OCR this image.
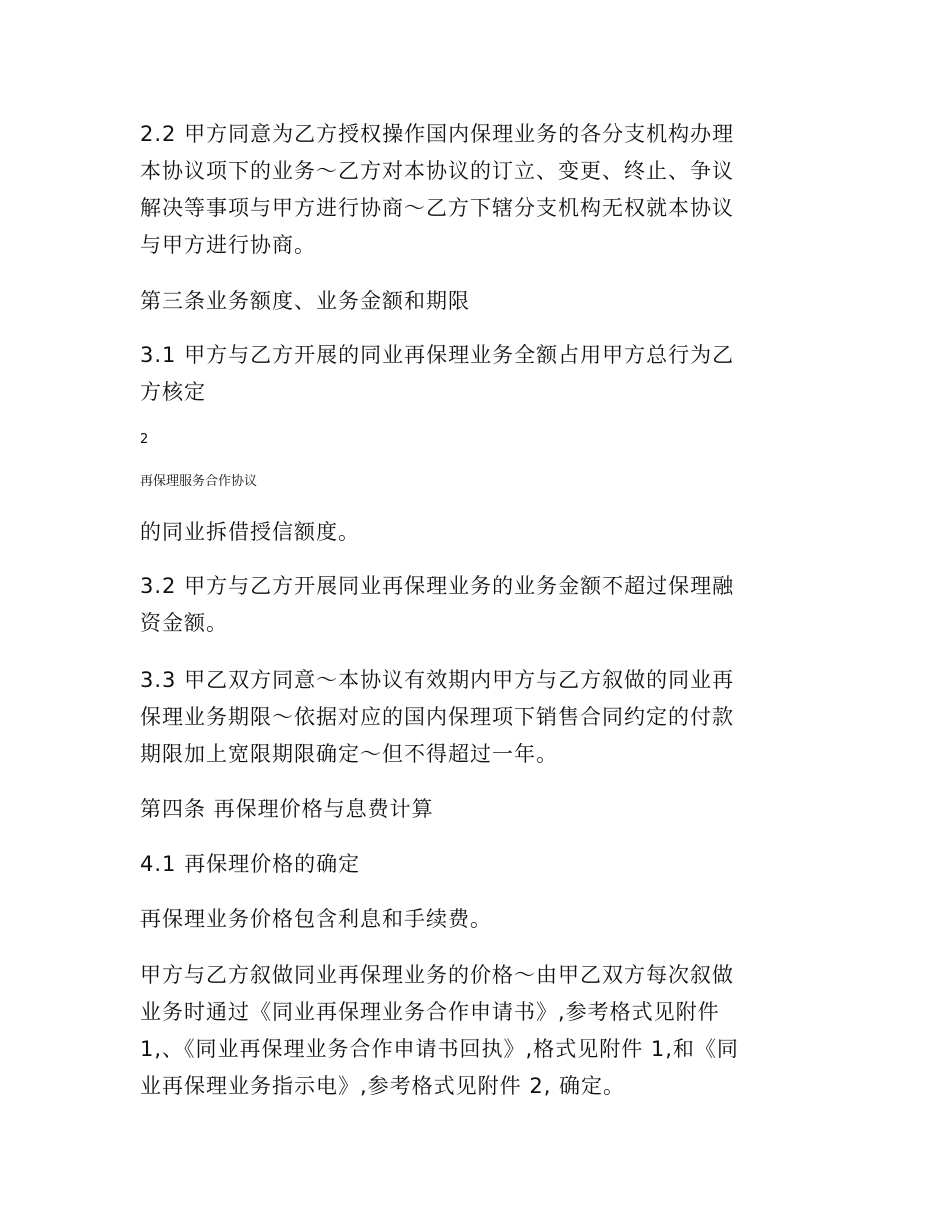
2.2 甲方同意为乙方授权操作国内保理业务的各分支机构办理
本协议项下的业务～乙方对本协议的订立、变更、终止、争议
解决等事项与甲方进行协商～乙方下辖分支机构无权就本协议
与甲方进行协商。

第三条业务额度、业务金额和期限

3.1 甲方与乙方开展的同业再保理业务全额占用甲方总行为乙
方核定

2

再保理服务合作协议

的同业拆借授信额度。

3.2 甲方与乙方开展同业再保理业务的业务金额不超过保理融
资金额。

3.3 甲乙双方同意～本协议有效期内甲方与乙方叙做的同业再
保理业务期限～依据对应的国内保理项下销售合同约定的付款
期限加上宽限期限确定～但不得超过一年。

第四条 再保理价格与息费计算

4.1 再保理价格的确定

再保理业务价格包含利息和手续费。

甲方与乙方叙做同业再保理业务的价格～由甲乙双方每次叙做
业务时通过《同业再保理业务合作申请书》,参考格式见附件
1,、《同业再保理业务合作申请书回执》,格式见附件 1,和《同
业再保理业务指示电》,参考格式见附件 2, 确定。
